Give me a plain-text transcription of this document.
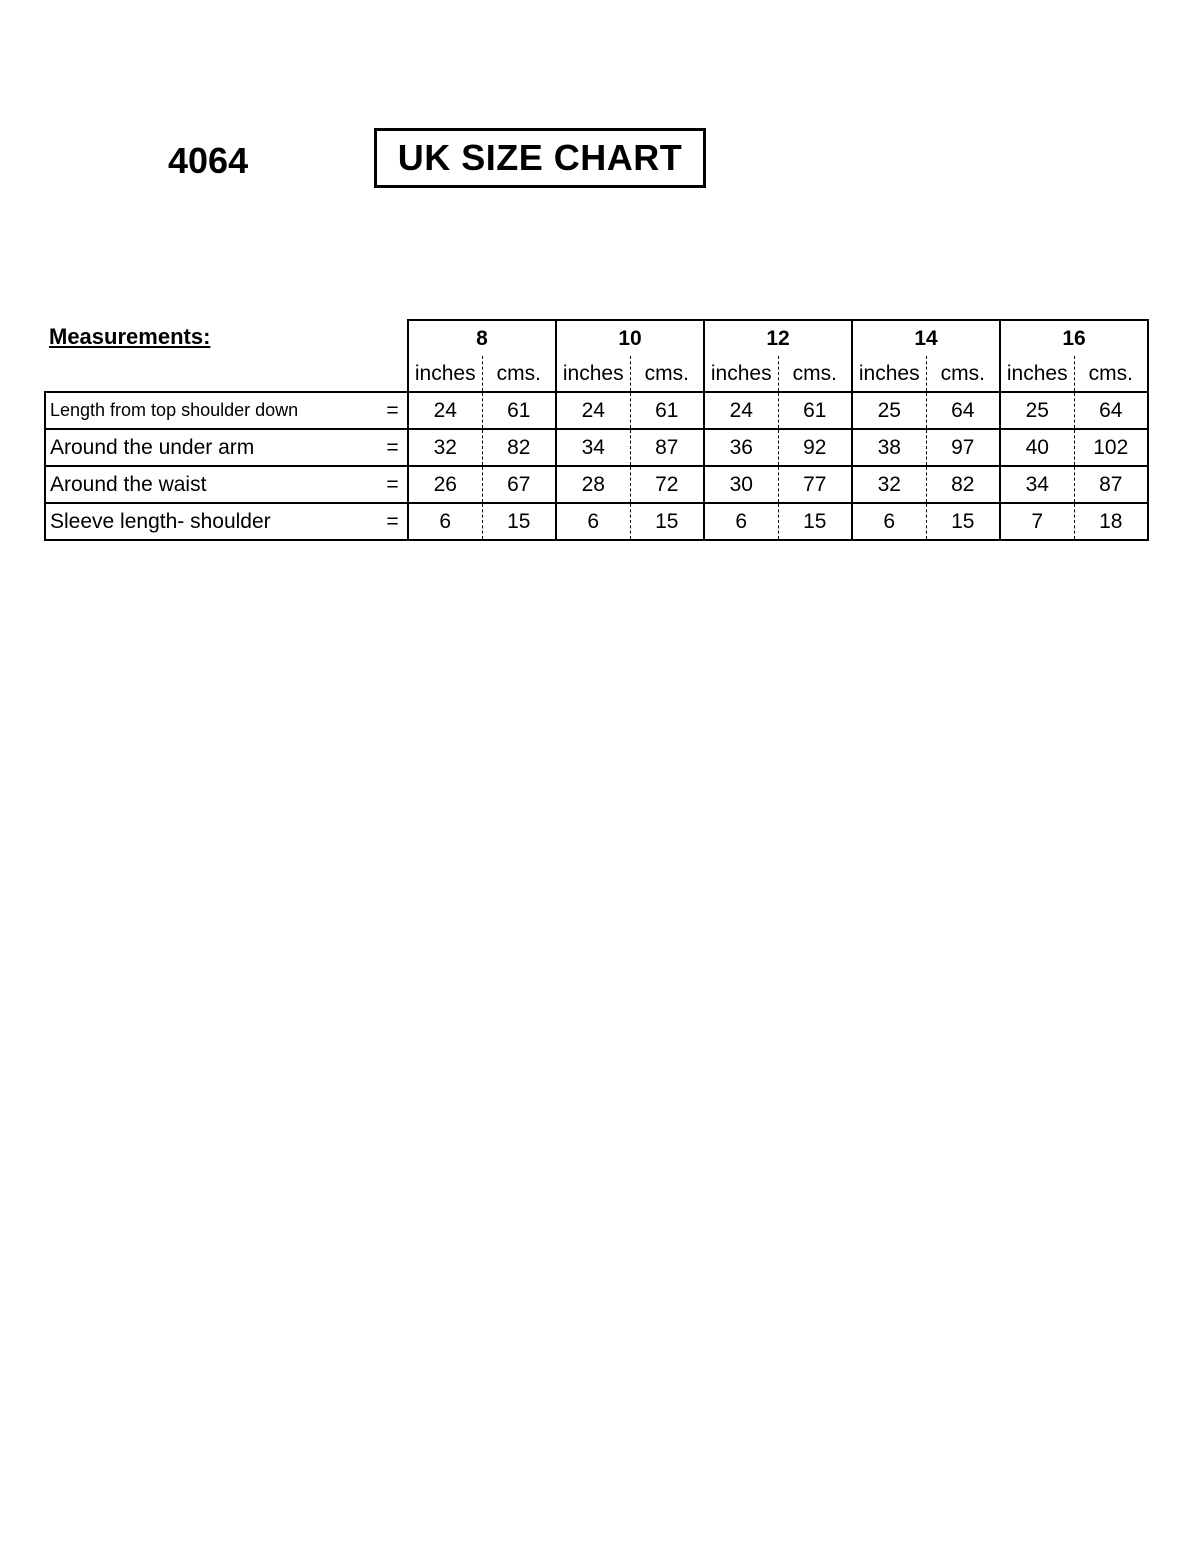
4064	UK SIZE CHART
Measurements:
		8		10		12		14		16	
		inches	cms.	inches	cms.	inches	cms.	inches	cms.	inches	cms.
Length from top shoulder down	=	24	61	24	61	24	61	25	64	25	64
Around the under arm	=	32	82	34	87	36	92	38	97	40	102
Around the waist	=	26	67	28	72	30	77	32	82	34	87
Sleeve length- shoulder	=	6	15	6	15	6	15	6	15	7	18
